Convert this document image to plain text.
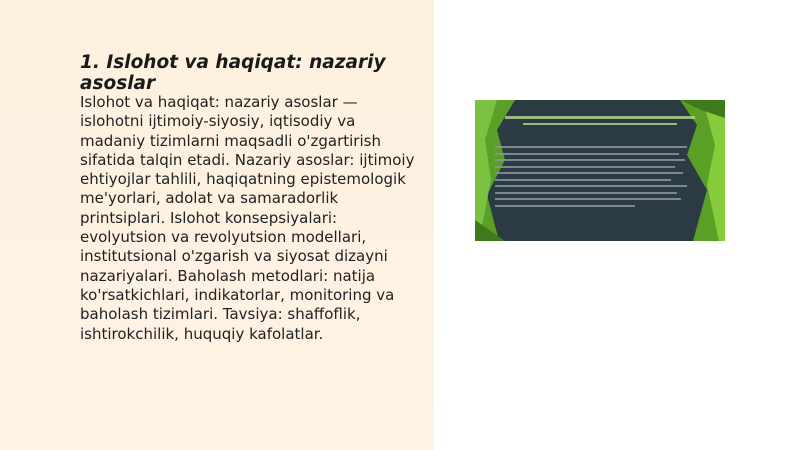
1. Islohot va haqiqat: nazariy asoslar

Islohot va haqiqat: nazariy asoslar — islohotni ijtimoiy-siyosiy, iqtisodiy va madaniy tizimlarni maqsadli o'zgartirish sifatida talqin etadi. Nazariy asoslar: ijtimoiy ehtiyojlar tahlili, haqiqatning epistemologik me'yorlari, adolat va samaradorlik printsiplari. Islohot konsepsiyalari: evolyutsion va revolyutsion modellari, institutsional o'zgarish va siyosat dizayni nazariyalari. Baholash metodlari: natija ko'rsatkichlari, indikatorlar, monitoring va baholash tizimlari. Tavsiya: shaffoflik, ishtirokchilik, huquqiy kafolatlar.
